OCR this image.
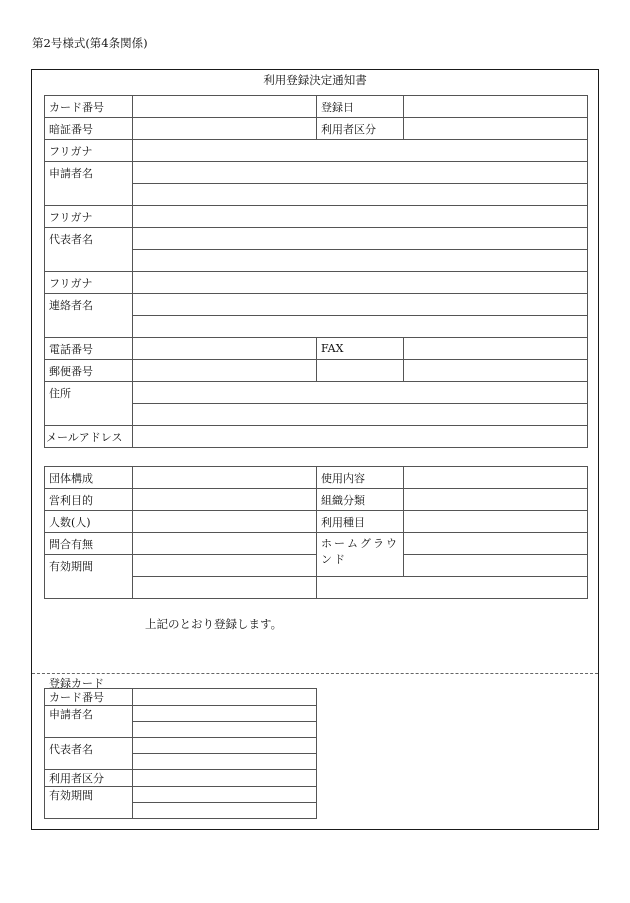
第2号様式(第4条関係)
利用登録決定通知書
カード番号		登録日	
暗証番号		利用者区分	
フリガナ			
申請者名			

フリガナ			
代表者名			

フリガナ			
連絡者名			

電話番号		FAX	
郵便番号			
住所			

メールアドレス			
団体構成		使用内容	
営利目的		組織分類	
人数(人)		利用種目	
問合有無		ホームグラウンド	
有効期間			

上記のとおり登録します。
登録カード
カード番号	
申請者名	

代表者名	

利用者区分	
有効期間	
